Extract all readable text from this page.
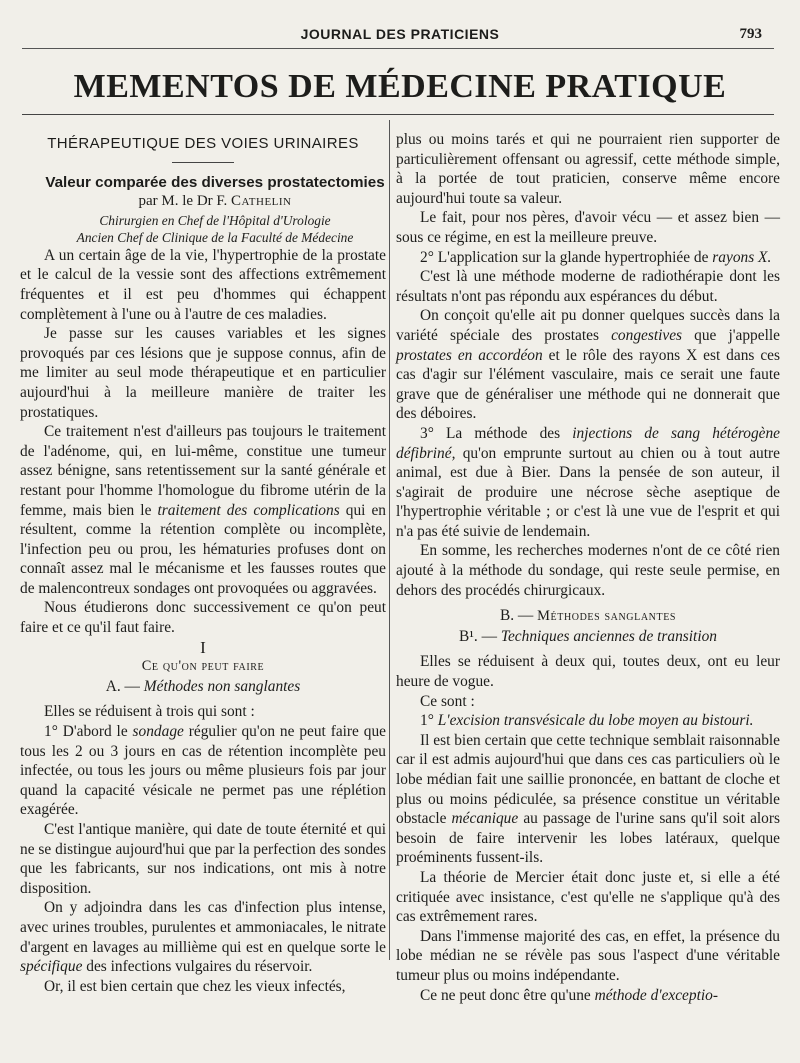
JOURNAL DES PRATICIENS	793
MEMENTOS DE MÉDECINE PRATIQUE
THÉRAPEUTIQUE DES VOIES URINAIRES

Valeur comparée des diverses prostatectomies

par M. le Dr F. Cathelin

Chirurgien en Chef de l'Hôpital d'Urologie

Ancien Chef de Clinique de la Faculté de Médecine

A un certain âge de la vie, l'hypertrophie de la prostate et le calcul de la vessie sont des affections extrêmement fréquentes et il est peu d'hommes qui échappent complètement à l'une ou à l'autre de ces maladies.

Je passe sur les causes variables et les signes provoqués par ces lésions que je suppose connus, afin de me limiter au seul mode thérapeutique et en particulier aujourd'hui à la meilleure manière de traiter les prostatiques.

Ce traitement n'est d'ailleurs pas toujours le traitement de l'adénome, qui, en lui-même, constitue une tumeur assez bénigne, sans retentissement sur la santé générale et restant pour l'homme l'homologue du fibrome utérin de la femme, mais bien le traitement des complications qui en résultent, comme la rétention complète ou incomplète, l'infection peu ou prou, les hématuries profuses dont on connaît assez mal le mécanisme et les fausses routes que de malencontreux sondages ont provoquées ou aggravées.

Nous étudierons donc successivement ce qu'on peut faire et ce qu'il faut faire.

I

Ce qu'on peut faire

A. — Méthodes non sanglantes

Elles se réduisent à trois qui sont :

1° D'abord le sondage régulier qu'on ne peut faire que tous les 2 ou 3 jours en cas de rétention incomplète peu infectée, ou tous les jours ou même plusieurs fois par jour quand la capacité vésicale ne permet pas une réplétion exagérée.

C'est l'antique manière, qui date de toute éternité et qui ne se distingue aujourd'hui que par la perfection des sondes que les fabricants, sur nos indications, ont mis à notre disposition.

On y adjoindra dans les cas d'infection plus intense, avec urines troubles, purulentes et ammoniacales, le nitrate d'argent en lavages au millième qui est en quelque sorte le spécifique des infections vulgaires du réservoir.

Or, il est bien certain que chez les vieux infectés,

plus ou moins tarés et qui ne pourraient rien supporter de particulièrement offensant ou agressif, cette méthode simple, à la portée de tout praticien, conserve même encore aujourd'hui toute sa valeur.

Le fait, pour nos pères, d'avoir vécu — et assez bien — sous ce régime, en est la meilleure preuve.

2° L'application sur la glande hypertrophiée de rayons X.

C'est là une méthode moderne de radiothérapie dont les résultats n'ont pas répondu aux espérances du début.

On conçoit qu'elle ait pu donner quelques succès dans la variété spéciale des prostates congestives que j'appelle prostates en accordéon et le rôle des rayons X est dans ces cas d'agir sur l'élément vasculaire, mais ce serait une faute grave que de généraliser une méthode qui ne donnerait que des déboires.

3° La méthode des injections de sang hétérogène défibriné, qu'on emprunte surtout au chien ou à tout autre animal, est due à Bier. Dans la pensée de son auteur, il s'agirait de produire une nécrose sèche aseptique de l'hypertrophie véritable ; or c'est là une vue de l'esprit et qui n'a pas été suivie de lendemain.

En somme, les recherches modernes n'ont de ce côté rien ajouté à la méthode du sondage, qui reste seule permise, en dehors des procédés chirurgicaux.

B. — Méthodes sanglantes

B¹. — Techniques anciennes de transition

Elles se réduisent à deux qui, toutes deux, ont eu leur heure de vogue.

Ce sont :

1° L'excision transvésicale du lobe moyen au bistouri.

Il est bien certain que cette technique semblait raisonnable car il est admis aujourd'hui que dans ces cas particuliers où le lobe médian fait une saillie prononcée, en battant de cloche et plus ou moins pédiculée, sa présence constitue un véritable obstacle mécanique au passage de l'urine sans qu'il soit alors besoin de faire intervenir les lobes latéraux, quelque proéminents fussent-ils.

La théorie de Mercier était donc juste et, si elle a été critiquée avec insistance, c'est qu'elle ne s'applique qu'à des cas extrêmement rares.

Dans l'immense majorité des cas, en effet, la présence du lobe médian ne se révèle pas sous l'aspect d'une véritable tumeur plus ou moins indépendante.

Ce ne peut donc être qu'une méthode d'exceptio-
